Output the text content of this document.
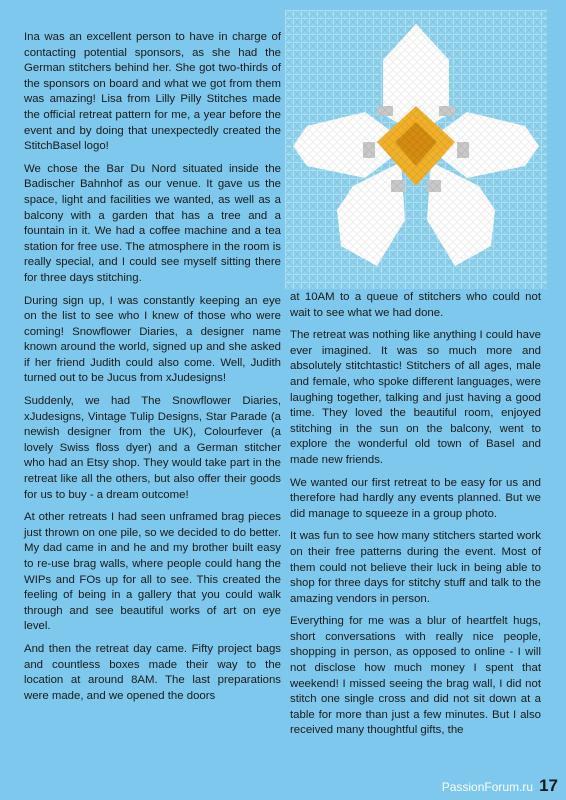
Ina was an excellent person to have in charge of contacting potential sponsors, as she had the German stitchers behind her. She got two-thirds of the sponsors on board and what we got from them was amazing! Lisa from Lilly Pilly Stitches made the official retreat pattern for me, a year before the event and by doing that unexpectedly created the StitchBasel logo!

We chose the Bar Du Nord situated inside the Badischer Bahnhof as our venue. It gave us the space, light and facilities we wanted, as well as a balcony with a garden that has a tree and a fountain in it. We had a coffee machine and a tea station for free use. The atmosphere in the room is really special, and I could see myself sitting there for three days stitching.

During sign up, I was constantly keeping an eye on the list to see who I knew of those who were coming! Snowflower Diaries, a designer name known around the world, signed up and she asked if her friend Judith could also come. Well, Judith turned out to be Jucus from xJudesigns!

Suddenly, we had The Snowflower Diaries, xJudesigns, Vintage Tulip Designs, Star Parade (a newish designer from the UK), Colourfever (a lovely Swiss floss dyer) and a German stitcher who had an Etsy shop. They would take part in the retreat like all the others, but also offer their goods for us to buy - a dream outcome!

At other retreats I had seen unframed brag pieces just thrown on one pile, so we decided to do better. My dad came in and he and my brother built easy to re-use brag walls, where people could hang the WIPs and FOs up for all to see. This created the feeling of being in a gallery that you could walk through and see beautiful works of art on eye level.

And then the retreat day came. Fifty project bags and countless boxes made their way to the location at around 8AM. The last preparations were made, and we opened the doors

at 10AM to a queue of stitchers who could not wait to see what we had done.

The retreat was nothing like anything I could have ever imagined. It was so much more and absolutely stitchtastic! Stitchers of all ages, male and female, who spoke different languages, were laughing together, talking and just having a good time. They loved the beautiful room, enjoyed stitching in the sun on the balcony, went to explore the wonderful old town of Basel and made new friends.

We wanted our first retreat to be easy for us and therefore had hardly any events planned. But we did manage to squeeze in a group photo.

It was fun to see how many stitchers started work on their free patterns during the event. Most of them could not believe their luck in being able to shop for three days for stitchy stuff and talk to the amazing vendors in person.

Everything for me was a blur of heartfelt hugs, short conversations with really nice people, shopping in person, as opposed to online - I will not disclose how much money I spent that weekend! I missed seeing the brag wall, I did not stitch one single cross and did not sit down at a table for more than just a few minutes. But I also received many thoughtful gifts, the

PassionForum.ru 17
